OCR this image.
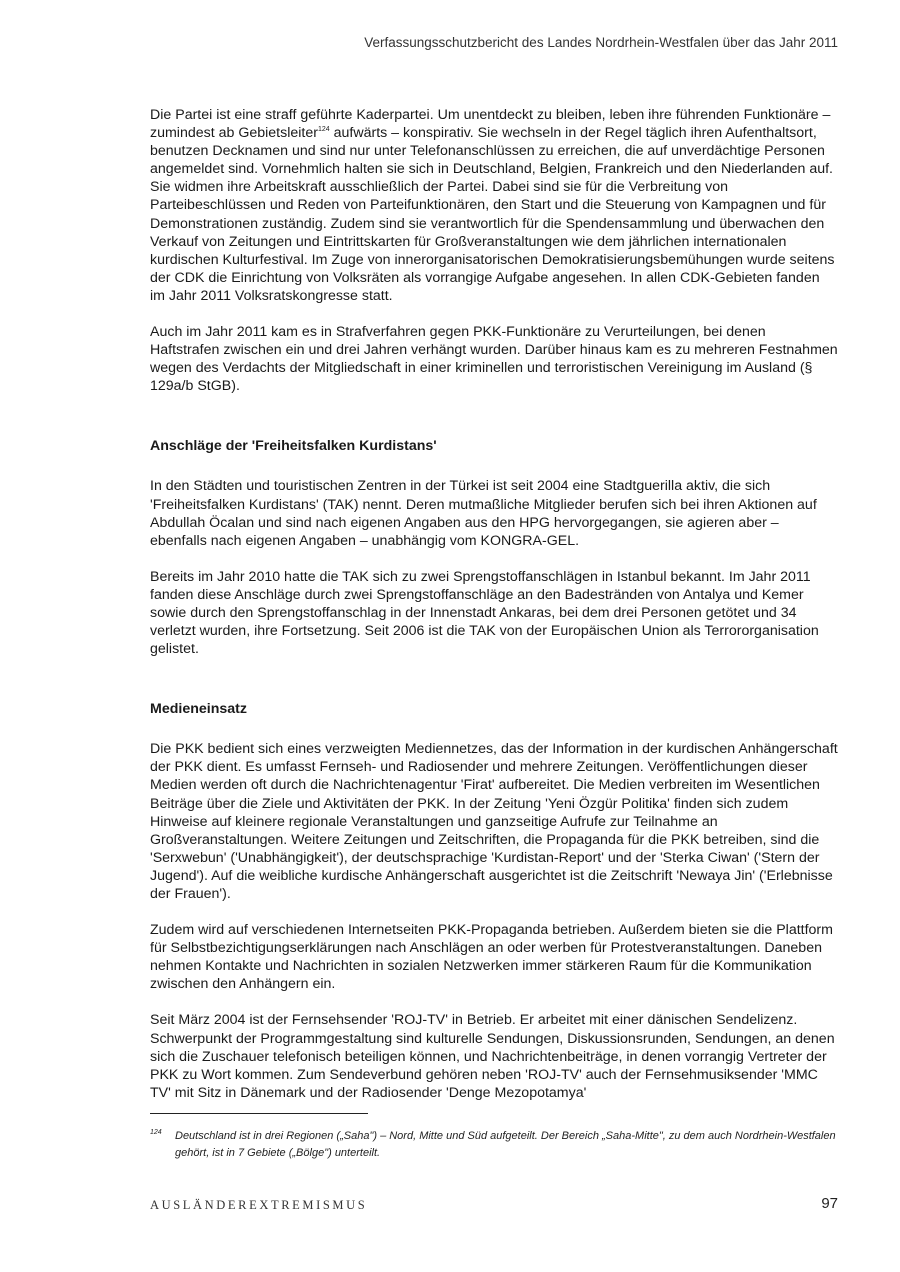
Verfassungsschutzbericht des Landes Nordrhein-Westfalen über das Jahr 2011

Die Partei ist eine straff geführte Kaderpartei. Um unentdeckt zu bleiben, leben ihre führenden Funktionäre – zumindest ab Gebietsleiter$^{124}$ aufwärts – konspirativ. Sie wechseln in der Regel täglich ihren Aufenthaltsort, benutzen Decknamen und sind nur unter Telefonanschlüssen zu erreichen, die auf unverdächtige Personen angemeldet sind. Vornehmlich halten sie sich in Deutschland, Belgien, Frankreich und den Niederlanden auf. Sie widmen ihre Arbeitskraft ausschließlich der Partei. Dabei sind sie für die Verbreitung von Parteibeschlüssen und Reden von Parteifunktionären, den Start und die Steuerung von Kampagnen und für Demonstrationen zuständig. Zudem sind sie verantwortlich für die Spendensammlung und überwachen den Verkauf von Zeitungen und Eintrittskarten für Großveranstaltungen wie dem jährlichen internationalen kurdischen Kulturfestival. Im Zuge von innerorganisatorischen Demokratisierungsbemühungen wurde seitens der CDK die Einrichtung von Volksräten als vorrangige Aufgabe angesehen. In allen CDK-Gebieten fanden im Jahr 2011 Volksratskongresse statt.

Auch im Jahr 2011 kam es in Strafverfahren gegen PKK-Funktionäre zu Verurteilungen, bei denen Haftstrafen zwischen ein und drei Jahren verhängt wurden. Darüber hinaus kam es zu mehreren Festnahmen wegen des Verdachts der Mitgliedschaft in einer kriminellen und terroristischen Vereinigung im Ausland (§ 129a/b StGB).

Anschläge der 'Freiheitsfalken Kurdistans'

In den Städten und touristischen Zentren in der Türkei ist seit 2004 eine Stadtguerilla aktiv, die sich 'Freiheitsfalken Kurdistans' (TAK) nennt. Deren mutmaßliche Mitglieder berufen sich bei ihren Aktionen auf Abdullah Öcalan und sind nach eigenen Angaben aus den HPG hervorgegangen, sie agieren aber – ebenfalls nach eigenen Angaben – unabhängig vom KONGRA-GEL.

Bereits im Jahr 2010 hatte die TAK sich zu zwei Sprengstoffanschlägen in Istanbul bekannt. Im Jahr 2011 fanden diese Anschläge durch zwei Sprengstoffanschläge an den Badestränden von Antalya und Kemer sowie durch den Sprengstoffanschlag in der Innenstadt Ankaras, bei dem drei Personen getötet und 34 verletzt wurden, ihre Fortsetzung. Seit 2006 ist die TAK von der Europäischen Union als Terrororganisation gelistet.

Medieneinsatz

Die PKK bedient sich eines verzweigten Mediennetzes, das der Information in der kurdischen Anhängerschaft der PKK dient. Es umfasst Fernseh- und Radiosender und mehrere Zeitungen. Veröffentlichungen dieser Medien werden oft durch die Nachrichtenagentur 'Firat' aufbereitet. Die Medien verbreiten im Wesentlichen Beiträge über die Ziele und Aktivitäten der PKK. In der Zeitung 'Yeni Özgür Politika' finden sich zudem Hinweise auf kleinere regionale Veranstaltungen und ganzseitige Aufrufe zur Teilnahme an Großveranstaltungen. Weitere Zeitungen und Zeitschriften, die Propaganda für die PKK betreiben, sind die 'Serxwebun' ('Unabhängigkeit'), der deutschsprachige 'Kurdistan-Report' und der 'Sterka Ciwan' ('Stern der Jugend'). Auf die weibliche kurdische Anhängerschaft ausgerichtet ist die Zeitschrift 'Newaya Jin' ('Erlebnisse der Frauen').

Zudem wird auf verschiedenen Internetseiten PKK-Propaganda betrieben. Außerdem bieten sie die Plattform für Selbstbezichtigungserklärungen nach Anschlägen an oder werben für Protestveranstaltungen. Daneben nehmen Kontakte und Nachrichten in sozialen Netzwerken immer stärkeren Raum für die Kommunikation zwischen den Anhängern ein.

Seit März 2004 ist der Fernsehsender 'ROJ-TV' in Betrieb. Er arbeitet mit einer dänischen Sendelizenz. Schwerpunkt der Programmgestaltung sind kulturelle Sendungen, Diskussionsrunden, Sendungen, an denen sich die Zuschauer telefonisch beteiligen können, und Nachrichtenbeiträge, in denen vorrangig Vertreter der PKK zu Wort kommen. Zum Sendeverbund gehören neben 'ROJ-TV' auch der Fernsehmusiksender 'MMC TV' mit Sitz in Dänemark und der Radiosender 'Denge Mezopotamya'

124	Deutschland ist in drei Regionen („Saha") – Nord, Mitte und Süd aufgeteilt. Der Bereich „Saha-Mitte", zu dem auch Nordrhein-Westfalen gehört, ist in 7 Gebiete („Bölge") unterteilt.
AUSLÄNDEREXTREMISMUS	97
